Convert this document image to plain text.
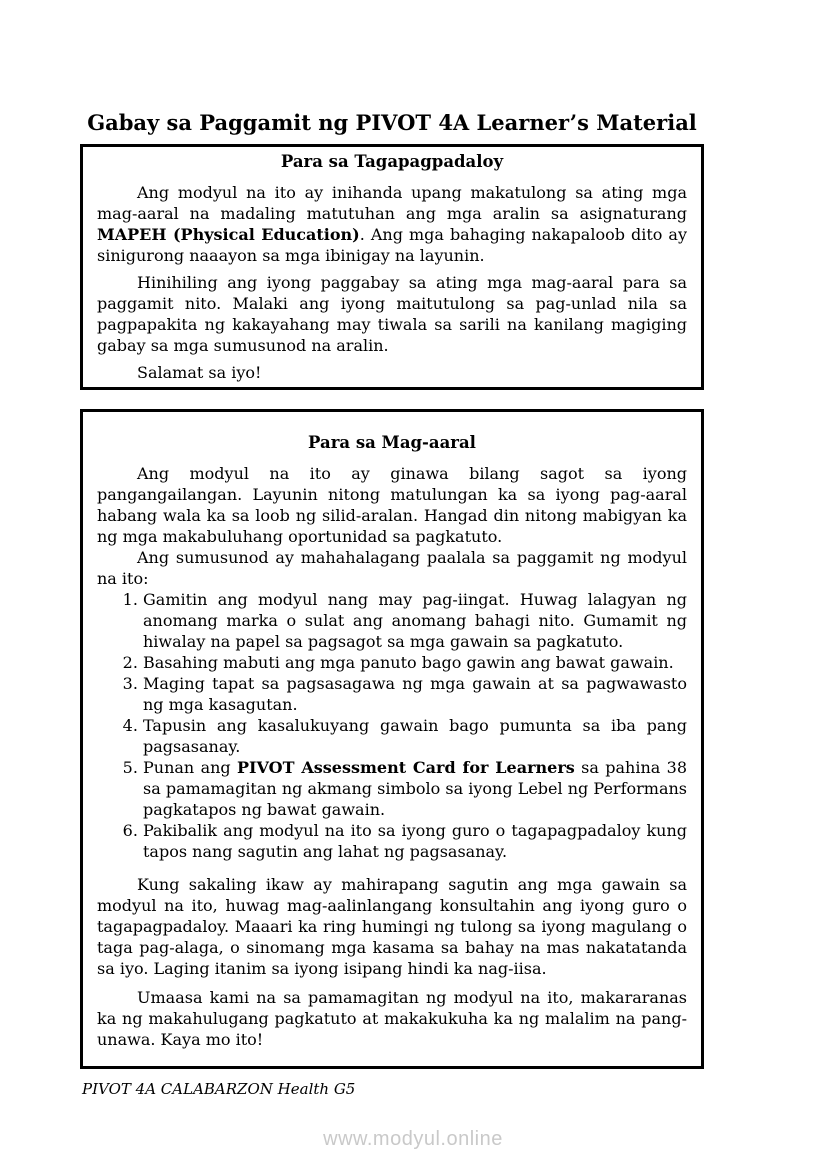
Gabay sa Paggamit ng PIVOT 4A Learner’s Material
Para sa Tagapagpadaloy

Ang modyul na ito ay inihanda upang makatulong sa ating mga mag-aaral na madaling matutuhan ang mga aralin sa asignaturang MAPEH (Physical Education). Ang mga bahaging nakapaloob dito ay sinigurong naaayon sa mga ibinigay na layunin.

Hinihiling ang iyong paggabay sa ating mga mag-aaral para sa paggamit nito. Malaki ang iyong maitutulong sa pag-unlad nila sa pagpapakita ng kakayahang may tiwala sa sarili na kanilang magiging gabay sa mga sumusunod na aralin.

Salamat sa iyo!

Para sa Mag-aaral

Ang modyul na ito ay ginawa bilang sagot sa iyong pangangailangan. Layunin nitong matulungan ka sa iyong pag-aaral habang wala ka sa loob ng silid-aralan. Hangad din nitong mabigyan ka ng mga makabuluhang oportunidad sa pagkatuto.

Ang sumusunod ay mahahalagang paalala sa paggamit ng modyul na ito:

1. Gamitin ang modyul nang may pag-iingat. Huwag lalagyan ng anomang marka o sulat ang anomang bahagi nito. Gumamit ng hiwalay na papel sa pagsagot sa mga gawain sa pagkatuto.
2. Basahing mabuti ang mga panuto bago gawin ang bawat gawain.
3. Maging tapat sa pagsasagawa ng mga gawain at sa pagwawasto ng mga kasagutan.
4. Tapusin ang kasalukuyang gawain bago pumunta sa iba pang pagsasanay.
5. Punan ang PIVOT Assessment Card for Learners sa pahina 38 sa pamamagitan ng akmang simbolo sa iyong Lebel ng Performans pagkatapos ng bawat gawain.
6. Pakibalik ang modyul na ito sa iyong guro o tagapagpadaloy kung tapos nang sagutin ang lahat ng pagsasanay.

Kung sakaling ikaw ay mahirapang sagutin ang mga gawain sa modyul na ito, huwag mag-aalinlangang konsultahin ang iyong guro o tagapagpadaloy. Maaari ka ring humingi ng tulong sa iyong magulang o taga pag-alaga, o sinomang mga kasama sa bahay na mas nakatatanda sa iyo. Laging itanim sa iyong isipang hindi ka nag-iisa.

Umaasa kami na sa pamamagitan ng modyul na ito, makararanas ka ng makahulugang pagkatuto at makakukuha ka ng malalim na pang-unawa. Kaya mo ito!

PIVOT 4A CALABARZON Health G5
www.modyul.online
